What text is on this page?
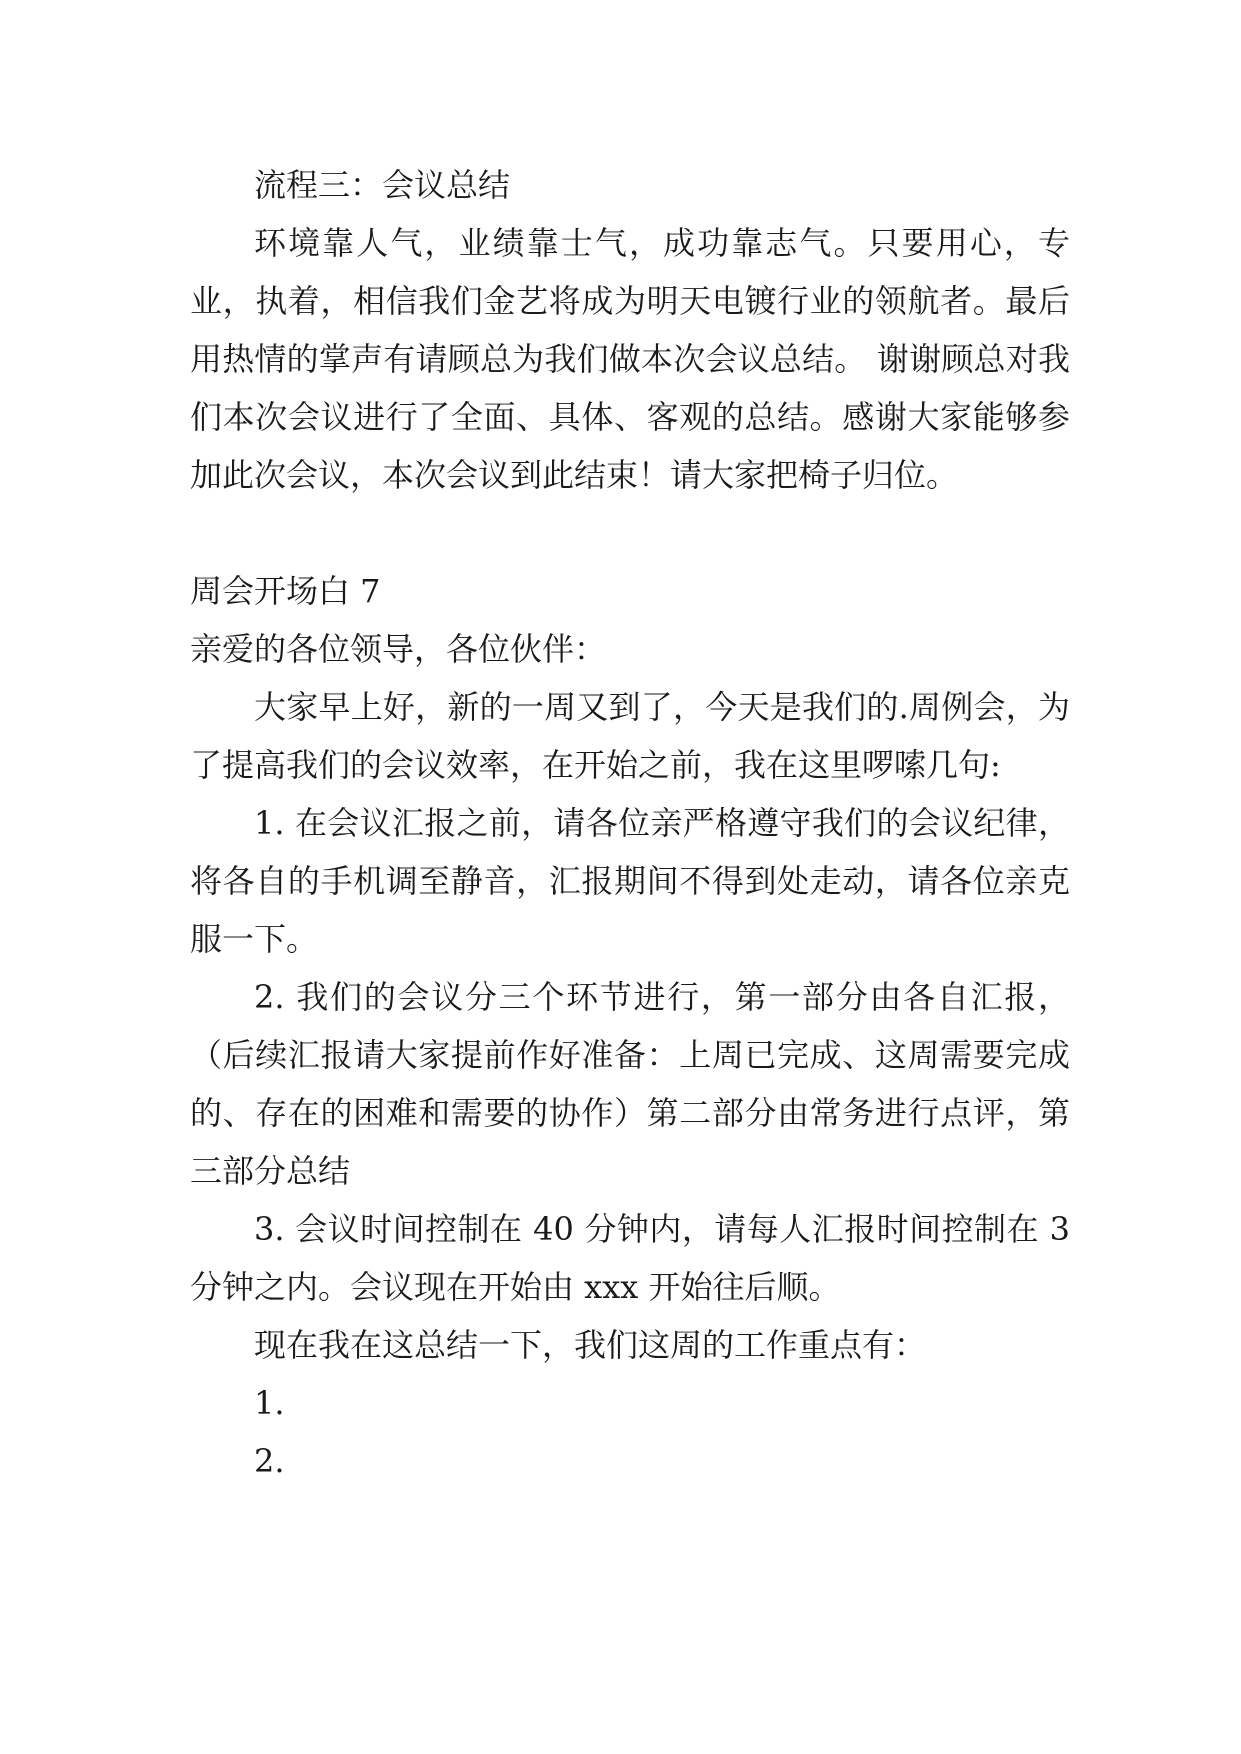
流程三：会议总结

环境靠人气，业绩靠士气，成功靠志气。只要用心，专业，执着，相信我们金艺将成为明天电镀行业的领航者。最后用热情的掌声有请顾总为我们做本次会议总结。 谢谢顾总对我们本次会议进行了全面、具体、客观的总结。感谢大家能够参加此次会议，本次会议到此结束！请大家把椅子归位。

周会开场白 7

亲爱的各位领导，各位伙伴：

大家早上好，新的一周又到了，今天是我们的.周例会，为了提高我们的会议效率，在开始之前，我在这里啰嗦几句:

1. 在会议汇报之前，请各位亲严格遵守我们的会议纪律，将各自的手机调至静音，汇报期间不得到处走动，请各位亲克服一下。

2. 我们的会议分三个环节进行，第一部分由各自汇报，（后续汇报请大家提前作好准备：上周已完成、这周需要完成的、存在的困难和需要的协作）第二部分由常务进行点评，第三部分总结

3. 会议时间控制在 40 分钟内，请每人汇报时间控制在 3 分钟之内。会议现在开始由 xxx 开始往后顺。

现在我在这总结一下，我们这周的工作重点有：

1.

2.
